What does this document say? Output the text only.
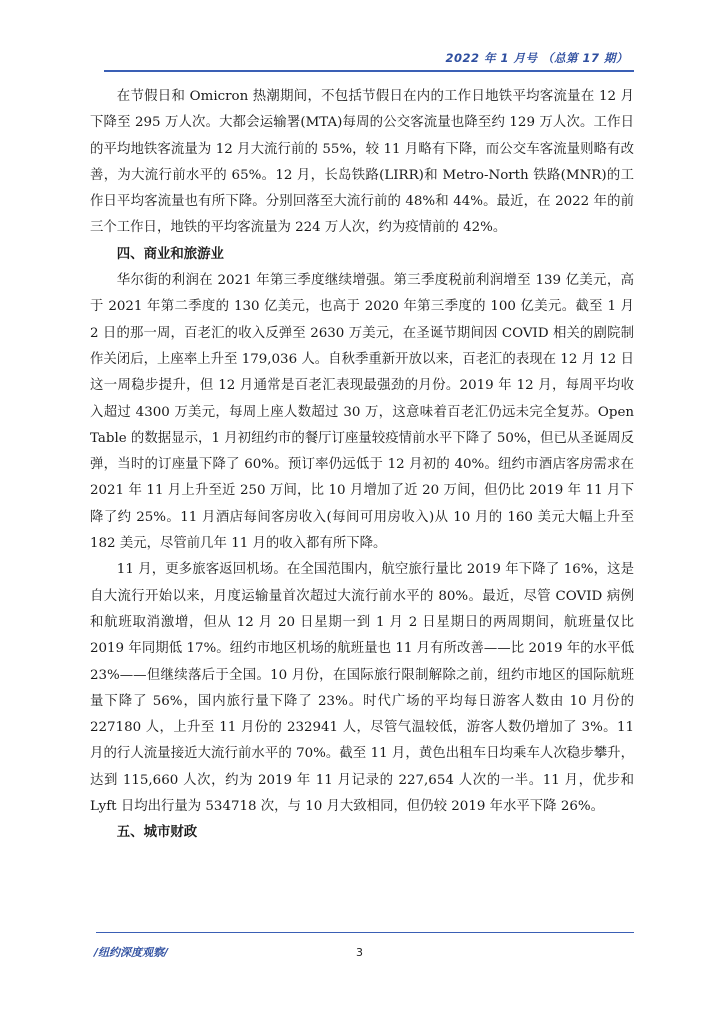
2022 年 1 月号 （总第 17 期）

在节假日和 Omicron 热潮期间，不包括节假日在内的工作日地铁平均客流量在 12 月下降至 295 万人次。大都会运输署(MTA)每周的公交客流量也降至约 129 万人次。工作日的平均地铁客流量为 12 月大流行前的 55%，较 11 月略有下降，而公交车客流量则略有改善，为大流行前水平的 65%。12 月，长岛铁路(LIRR)和 Metro-North 铁路(MNR)的工作日平均客流量也有所下降。分别回落至大流行前的 48%和 44%。最近，在 2022 年的前三个工作日，地铁的平均客流量为 224 万人次，约为疫情前的 42%。

四、商业和旅游业

华尔街的利润在 2021 年第三季度继续增强。第三季度税前利润增至 139 亿美元，高于 2021 年第二季度的 130 亿美元，也高于 2020 年第三季度的 100 亿美元。截至 1 月 2 日的那一周，百老汇的收入反弹至 2630 万美元，在圣诞节期间因 COVID 相关的剧院制作关闭后，上座率上升至 179,036 人。自秋季重新开放以来，百老汇的表现在 12 月 12 日这一周稳步提升，但 12 月通常是百老汇表现最强劲的月份。2019 年 12 月，每周平均收入超过 4300 万美元，每周上座人数超过 30 万，这意味着百老汇仍远未完全复苏。Open Table 的数据显示，1 月初纽约市的餐厅订座量较疫情前水平下降了 50%，但已从圣诞周反弹，当时的订座量下降了 60%。预订率仍远低于 12 月初的 40%。纽约市酒店客房需求在 2021 年 11 月上升至近 250 万间，比 10 月增加了近 20 万间，但仍比 2019 年 11 月下降了约 25%。11 月酒店每间客房收入(每间可用房收入)从 10 月的 160 美元大幅上升至 182 美元，尽管前几年 11 月的收入都有所下降。

11 月，更多旅客返回机场。在全国范围内，航空旅行量比 2019 年下降了 16%，这是自大流行开始以来，月度运输量首次超过大流行前水平的 80%。最近，尽管 COVID 病例和航班取消激增，但从 12 月 20 日星期一到 1 月 2 日星期日的两周期间，航班量仅比 2019 年同期低 17%。纽约市地区机场的航班量也 11 月有所改善——比 2019 年的水平低 23%——但继续落后于全国。10 月份，在国际旅行限制解除之前，纽约市地区的国际航班量下降了 56%，国内旅行量下降了 23%。时代广场的平均每日游客人数由 10 月份的 227180 人，上升至 11 月份的 232941 人，尽管气温较低，游客人数仍增加了 3%。11 月的行人流量接近大流行前水平的 70%。截至 11 月，黄色出租车日均乘车人次稳步攀升，达到 115,660 人次，约为 2019 年 11 月记录的 227,654 人次的一半。11 月，优步和 Lyft 日均出行量为 534718 次，与 10 月大致相同，但仍较 2019 年水平下降 26%。

五、城市财政
/纽约深度观察/	3
